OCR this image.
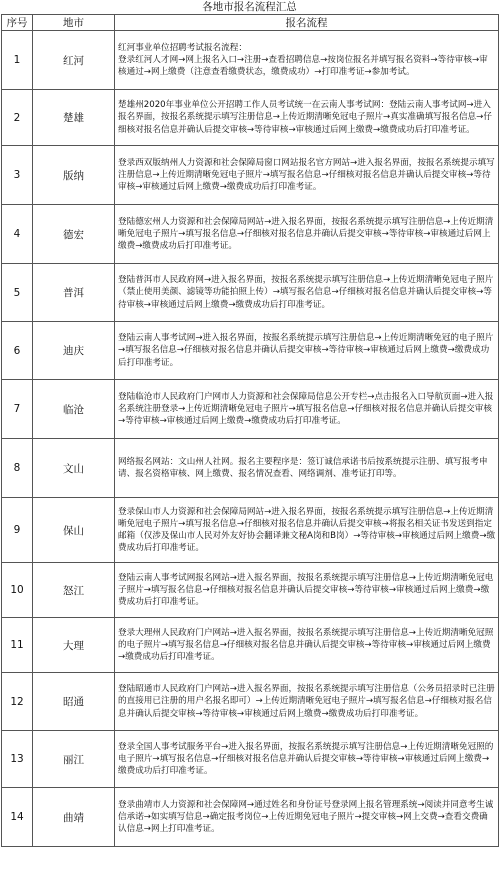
各地市报名流程汇总
序号	地市	报名流程
1	红河	红河事业单位招聘考试报名流程：
登录红河人才网→网上报名入口→注册→查看招聘信息→按岗位报名并填写报名资料→等待审核→审核通过→网上缴费（注意查看缴费状态，缴费成功）→打印准考证→参加考试。
2	楚雄	楚雄州2020年事业单位公开招聘工作人员考试统一在云南人事考试网：登陆云南人事考试网→进入报名界面，按报名系统提示填写注册信息→上传近期清晰免冠电子照片→真实准确填写报名信息→仔细核对报名信息并确认后提交审核→等待审核→审核通过后网上缴费→缴费成功后打印准考证。
3	版纳	登录西双版纳州人力资源和社会保障局窗口网站报名官方网站→进入报名界面，按报名系统提示填写注册信息→上传近期清晰免冠电子照片→填写报名信息→仔细核对报名信息并确认后提交审核→等待审核→审核通过后网上缴费→缴费成功后打印准考证。
4	德宏	登陆德宏州人力资源和社会保障局网站→进入报名界面，按报名系统提示填写注册信息→上传近期清晰免冠电子照片→填写报名信息→仔细核对报名信息并确认后提交审核→等待审核→审核通过后网上缴费→缴费成功后打印准考证。
5	普洱	登陆普洱市人民政府网→进入报名界面，按报名系统提示填写注册信息→上传近期清晰免冠电子照片（禁止使用美颜、滤镜等功能拍照上传）→填写报名信息→仔细核对报名信息并确认后提交审核→等待审核→审核通过后网上缴费→缴费成功后打印准考证。
6	迪庆	登陆云南人事考试网→进入报名界面，按报名系统提示填写注册信息→上传近期清晰免冠的电子照片→填写报名信息→仔细核对报名信息并确认后提交审核→等待审核→审核通过后网上缴费→缴费成功后打印准考证。
7	临沧	登陆临沧市人民政府门户网市人力资源和社会保障局信息公开专栏→点击报名入口导航页面→进入报名系统注册登录→上传近期清晰免冠电子照片→填写报名信息→仔细核对报名信息并确认后提交审核→等待审核→审核通过后网上缴费→缴费成功后打印准考证。
8	文山	网络报名网站：文山州人社网。报名主要程序是：签订诚信承诺书后按系统提示注册、填写报考申请、报名资格审核、网上缴费、报名情况查看、网络调剂、准考证打印等。
9	保山	登录保山市人力资源和社会保障局网站→进入报名界面，按报名系统提示填写注册信息→上传近期清晰免冠电子照片→填写报名信息→仔细核对报名信息并确认后提交审核→将报名相关证书发送到指定邮箱（仅涉及保山市人民对外友好协会翻译兼文秘A岗和B岗）→等待审核→审核通过后网上缴费→缴费成功后打印准考证。
10	怒江	登陆云南人事考试网报名网站→进入报名界面，按报名系统提示填写注册信息→上传近期清晰免冠电子照片→填写报名信息→仔细核对报名信息并确认后提交审核→等待审核→审核通过后网上缴费→缴费成功后打印准考证。
11	大理	登录大理州人民政府门户网站→进入报名界面，按报名系统提示填写注册信息→上传近期清晰免冠照的电子照片→填写报名信息→仔细核对报名信息并确认后提交审核→等待审核→审核通过后网上缴费→缴费成功后打印准考证。
12	昭通	登陆昭通市人民政府门户网站→进入报名界面，按报名系统提示填写注册信息（公务员招录时已注册的直接用已注册的用户名报名即可）→上传近期清晰免冠电子照片→填写报名信息→仔细核对报名信息并确认后提交审核→等待审核→审核通过后网上缴费→缴费成功后打印准考证。
13	丽江	登录全国人事考试服务平台→进入报名界面，按报名系统提示填写注册信息→上传近期清晰免冠照的电子照片→填写报名信息→仔细核对报名信息并确认后提交审核→等待审核→审核通过后网上缴费→缴费成功后打印准考证。
14	曲靖	登录曲靖市人力资源和社会保障网→通过姓名和身份证号登录网上报名管理系统→阅读并同意考生诚信承诺→如实填写信息→确定报考岗位→上传近期免冠电子照片→提交审核→网上交费→查看交费确认信息→网上打印准考证。
